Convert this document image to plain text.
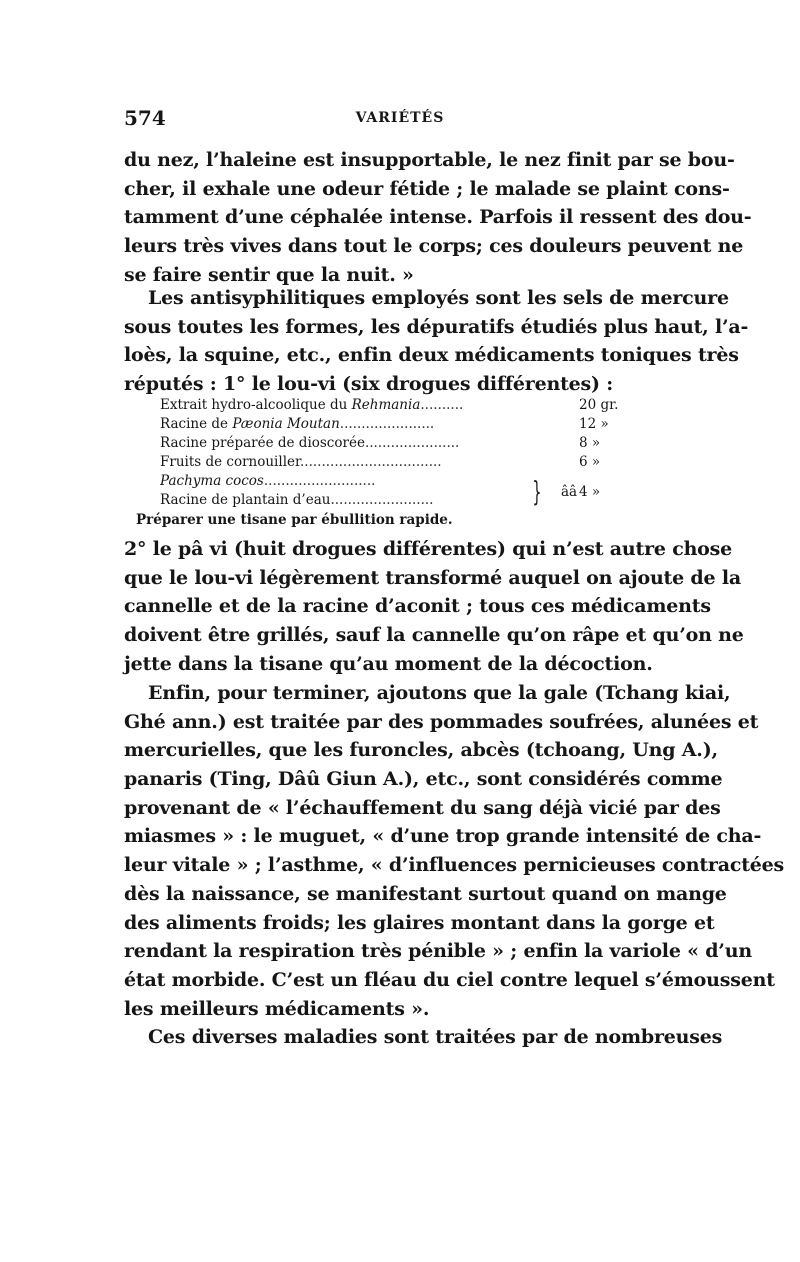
574	VARIÉTÉS
du nez, l’haleine est insupportable, le nez finit par se bou-
cher, il exhale une odeur fétide ; le malade se plaint cons-
tamment d’une céphalée intense. Parfois il ressent des dou-
leurs très vives dans tout le corps; ces douleurs peuvent ne
se faire sentir que la nuit. »
Les antisyphilitiques employés sont les sels de mercure
sous toutes les formes, les dépuratifs étudiés plus haut, l’a-
loès, la squine, etc., enfin deux médicaments toniques très
réputés : 1° le lou-vi (six drogues différentes) :
Extrait hydro-alcoolique du Rehmania..........	20 gr.
Racine de Pæonia Moutan......................	12 »
Racine préparée de dioscorée......................	8 »
Fruits de cornouiller.................................	6 »
Pachyma cocos..........................
Racine de plantain d’eau........................	} ââ 4 »
Préparer une tisane par ébullition rapide.
2° le pâ vi (huit drogues différentes) qui n’est autre chose
que le lou-vi légèrement transformé auquel on ajoute de la
cannelle et de la racine d’aconit ; tous ces médicaments
doivent être grillés, sauf la cannelle qu’on râpe et qu’on ne
jette dans la tisane qu’au moment de la décoction.
Enfin, pour terminer, ajoutons que la gale (Tchang kiai,
Ghé ann.) est traitée par des pommades soufrées, alunées et
mercurielles, que les furoncles, abcès (tchoang, Ung A.),
panaris (Ting, Dâû Giun A.), etc., sont considérés comme
provenant de « l’échauffement du sang déjà vicié par des
miasmes » : le muguet, « d’une trop grande intensité de cha-
leur vitale » ; l’asthme, « d’influences pernicieuses contractées
dès la naissance, se manifestant surtout quand on mange
des aliments froids; les glaires montant dans la gorge et
rendant la respiration très pénible » ; enfin la variole « d’un
état morbide. C’est un fléau du ciel contre lequel s’émoussent
les meilleurs médicaments ».
Ces diverses maladies sont traitées par de nombreuses
